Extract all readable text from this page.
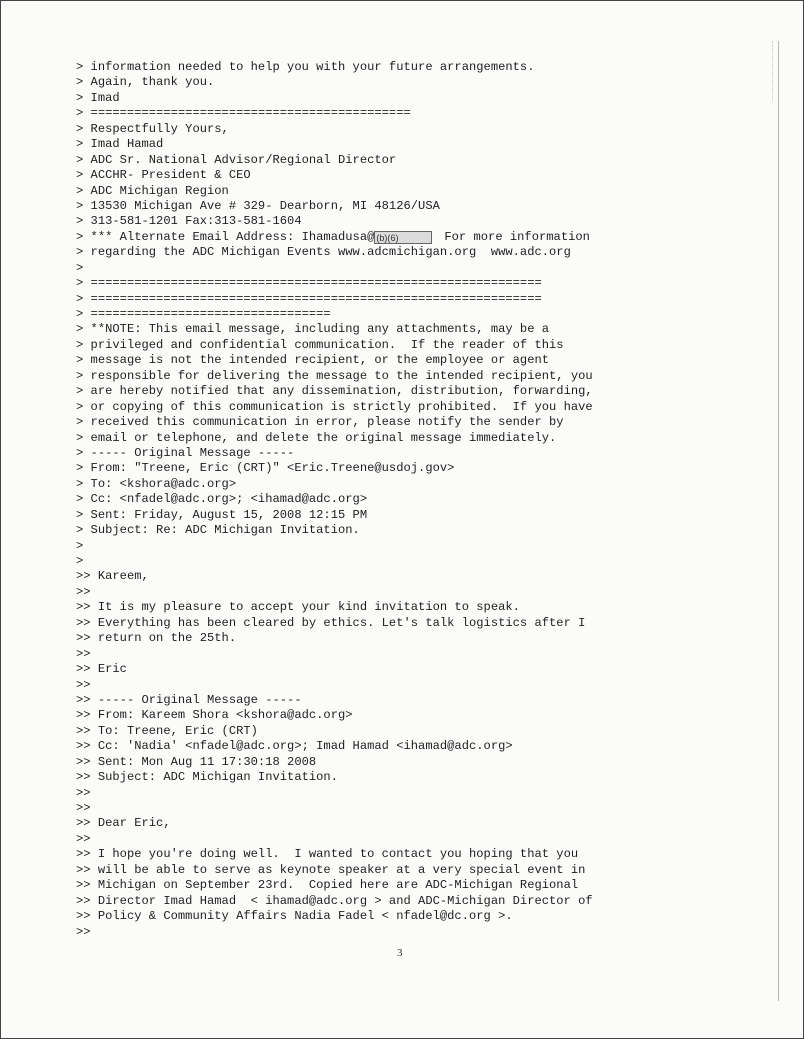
> information needed to help you with your future arrangements.
> Again, thank you.
> Imad
> ============================================
> Respectfully Yours,
> Imad Hamad
> ADC Sr. National Advisor/Regional Director
> ACCHR- President & CEO
> ADC Michigan Region
> 13530 Michigan Ave # 329- Dearborn, MI 48126/USA
> 313-581-1201 Fax:313-581-1604
> *** Alternate Email Address: Ihamadusa@ (b)(6)	For more information
> regarding the ADC Michigan Events www.adcmichigan.org  www.adc.org
>
> ==============================================================
> ==============================================================
> =================================
> **NOTE: This email message, including any attachments, may be a
> privileged and confidential communication.  If the reader of this
> message is not the intended recipient, or the employee or agent
> responsible for delivering the message to the intended recipient, you
> are hereby notified that any dissemination, distribution, forwarding,
> or copying of this communication is strictly prohibited.  If you have
> received this communication in error, please notify the sender by
> email or telephone, and delete the original message immediately.
> ----- Original Message -----
> From: "Treene, Eric (CRT)" <Eric.Treene@usdoj.gov>
> To: <kshora@adc.org>
> Cc: <nfadel@adc.org>; <ihamad@adc.org>
> Sent: Friday, August 15, 2008 12:15 PM
> Subject: Re: ADC Michigan Invitation.
>
>
>> Kareem,
>>
>> It is my pleasure to accept your kind invitation to speak.
>> Everything has been cleared by ethics. Let's talk logistics after I
>> return on the 25th.
>>
>> Eric
>>
>> ----- Original Message -----
>> From: Kareem Shora <kshora@adc.org>
>> To: Treene, Eric (CRT)
>> Cc: 'Nadia' <nfadel@adc.org>; Imad Hamad <ihamad@adc.org>
>> Sent: Mon Aug 11 17:30:18 2008
>> Subject: ADC Michigan Invitation.
>>
>>
>> Dear Eric,
>>
>> I hope you're doing well.  I wanted to contact you hoping that you
>> will be able to serve as keynote speaker at a very special event in
>> Michigan on September 23rd.  Copied here are ADC-Michigan Regional
>> Director Imad Hamad  < ihamad@adc.org > and ADC-Michigan Director of
>> Policy & Community Affairs Nadia Fadel < nfadel@dc.org >.
>>
3
